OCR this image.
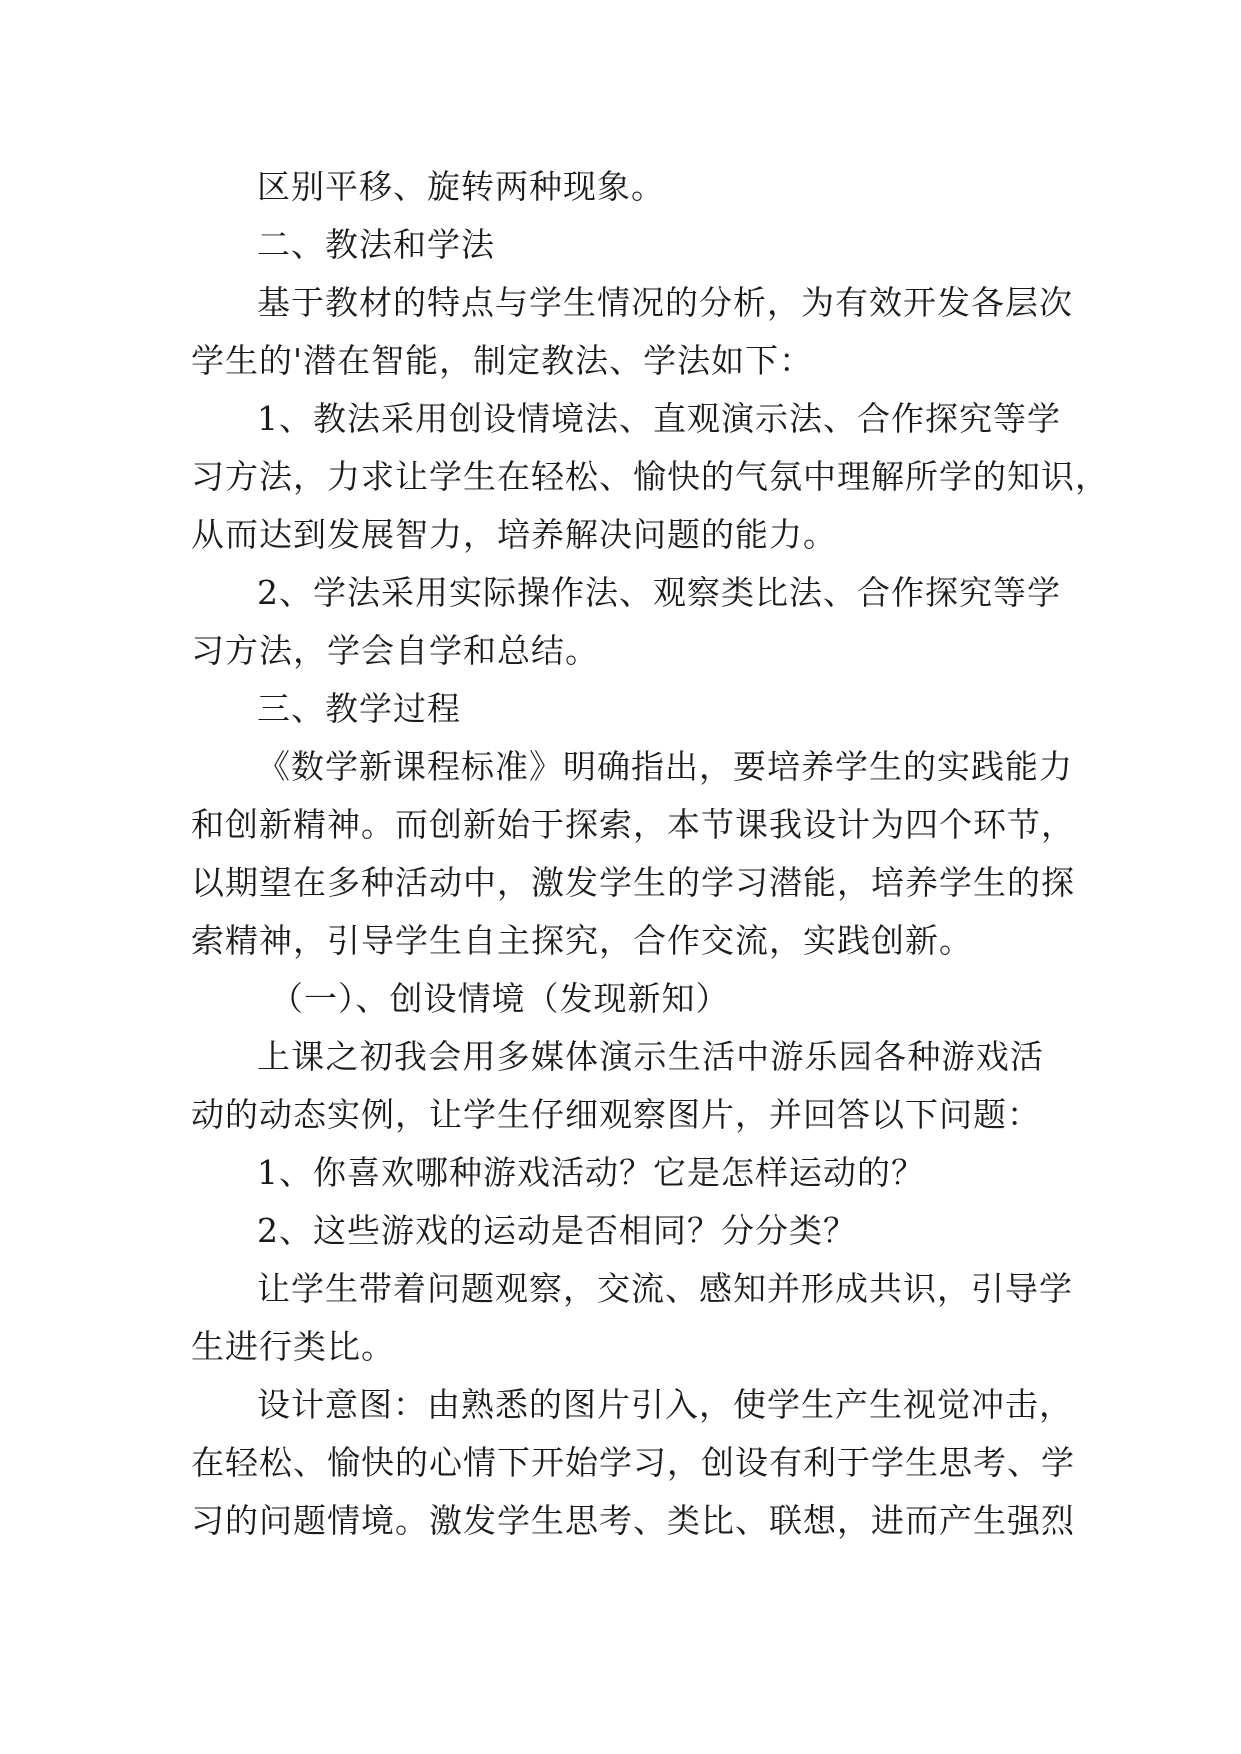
区别平移、旋转两种现象。
二、教法和学法
基于教材的特点与学生情况的分析，为有效开发各层次
学生的'潜在智能，制定教法、学法如下：
1、教法采用创设情境法、直观演示法、合作探究等学
习方法，力求让学生在轻松、愉快的气氛中理解所学的知识，
从而达到发展智力，培养解决问题的能力。
2、学法采用实际操作法、观察类比法、合作探究等学
习方法，学会自学和总结。
三、教学过程
《数学新课程标准》明确指出，要培养学生的实践能力
和创新精神。而创新始于探索，本节课我设计为四个环节，
以期望在多种活动中，激发学生的学习潜能，培养学生的探
索精神，引导学生自主探究，合作交流，实践创新。
（一）、创设情境（发现新知）
上课之初我会用多媒体演示生活中游乐园各种游戏活
动的动态实例，让学生仔细观察图片，并回答以下问题：
1、你喜欢哪种游戏活动？它是怎样运动的？
2、这些游戏的运动是否相同？分分类？
让学生带着问题观察，交流、感知并形成共识，引导学
生进行类比。
设计意图：由熟悉的图片引入，使学生产生视觉冲击，
在轻松、愉快的心情下开始学习，创设有利于学生思考、学
习的问题情境。激发学生思考、类比、联想，进而产生强烈
